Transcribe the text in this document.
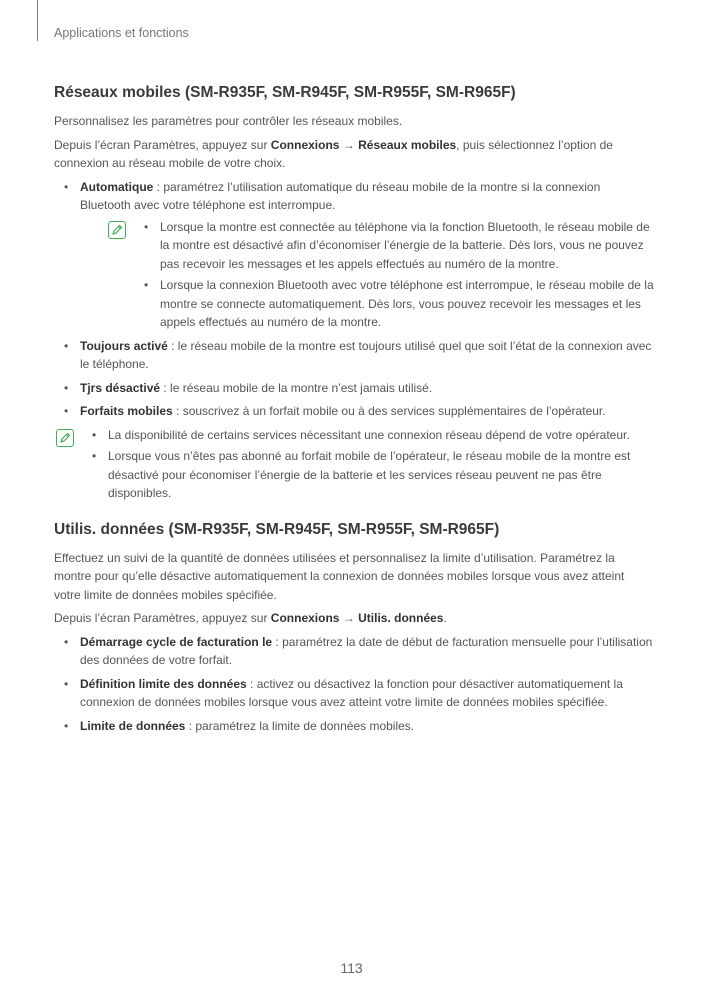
Applications et fonctions
Réseaux mobiles (SM-R935F, SM-R945F, SM-R955F, SM-R965F)

Personnalisez les paramètres pour contrôler les réseaux mobiles.

Depuis l’écran Paramètres, appuyez sur Connexions → Réseaux mobiles, puis sélectionnez l’option de connexion au réseau mobile de votre choix.

• Automatique : paramétrez l’utilisation automatique du réseau mobile de la montre si la connexion Bluetooth avec votre téléphone est interrompue.
• Lorsque la montre est connectée au téléphone via la fonction Bluetooth, le réseau mobile de la montre est désactivé afin d’économiser l’énergie de la batterie. Dès lors, vous ne pouvez pas recevoir les messages et les appels effectués au numéro de la montre.
• Lorsque la connexion Bluetooth avec votre téléphone est interrompue, le réseau mobile de la montre se connecte automatiquement. Dès lors, vous pouvez recevoir les messages et les appels effectués au numéro de la montre.
• Toujours activé : le réseau mobile de la montre est toujours utilisé quel que soit l’état de la connexion avec le téléphone.
• Tjrs désactivé : le réseau mobile de la montre n’est jamais utilisé.
• Forfaits mobiles : souscrivez à un forfait mobile ou à des services supplémentaires de l’opérateur.
• La disponibilité de certains services nécessitant une connexion réseau dépend de votre opérateur.
• Lorsque vous n’êtes pas abonné au forfait mobile de l’opérateur, le réseau mobile de la montre est désactivé pour économiser l’énergie de la batterie et les services réseau peuvent ne pas être disponibles.
Utilis. données (SM-R935F, SM-R945F, SM-R955F, SM-R965F)

Effectuez un suivi de la quantité de données utilisées et personnalisez la limite d’utilisation. Paramétrez la montre pour qu’elle désactive automatiquement la connexion de données mobiles lorsque vous avez atteint votre limite de données mobiles spécifiée.

Depuis l’écran Paramètres, appuyez sur Connexions → Utilis. données.

• Démarrage cycle de facturation le : paramétrez la date de début de facturation mensuelle pour l’utilisation des données de votre forfait.
• Définition limite des données : activez ou désactivez la fonction pour désactiver automatiquement la connexion de données mobiles lorsque vous avez atteint votre limite de données mobiles spécifiée.
• Limite de données : paramétrez la limite de données mobiles.
113
